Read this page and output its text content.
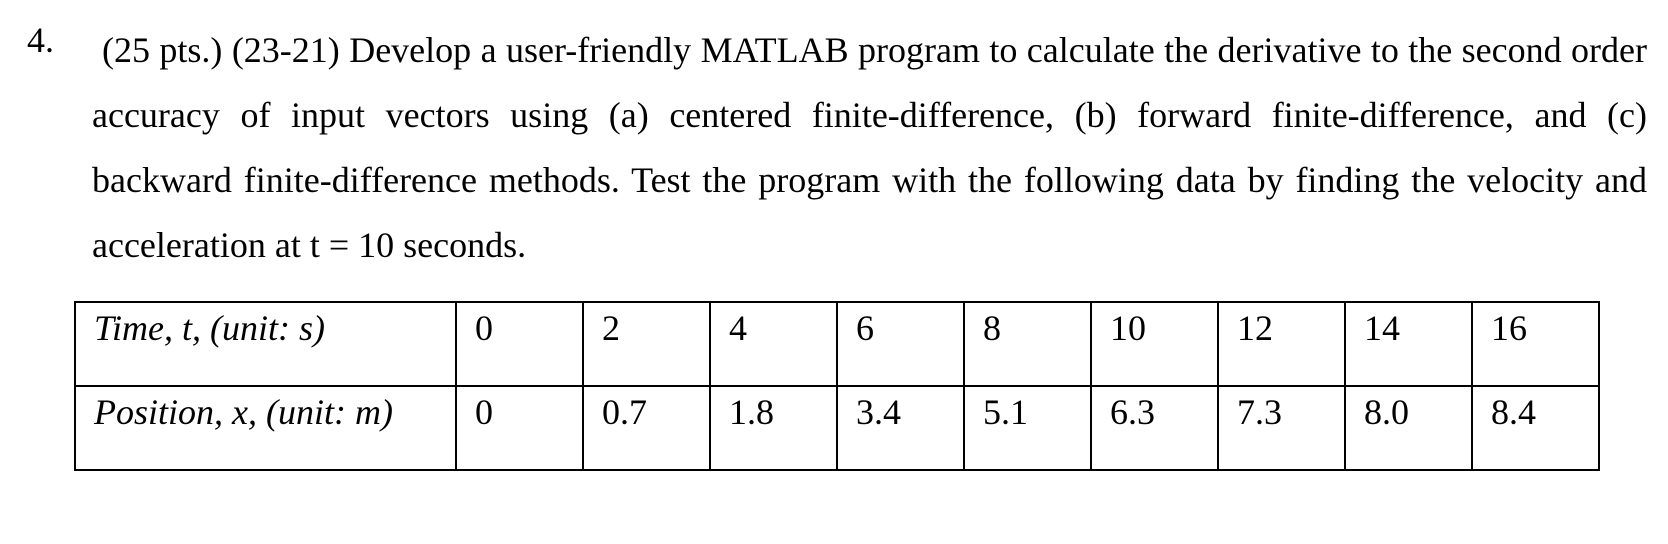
4. (25 pts.) (23-21) Develop a user-friendly MATLAB program to calculate the derivative to the second order accuracy of input vectors using (a) centered finite-difference, (b) forward finite-difference, and (c) backward finite-difference methods. Test the program with the following data by finding the velocity and acceleration at t = 10 seconds.
Time, t, (unit: s)	0	2	4	6	8	10	12	14	16
Position, x, (unit: m)	0	0.7	1.8	3.4	5.1	6.3	7.3	8.0	8.4
